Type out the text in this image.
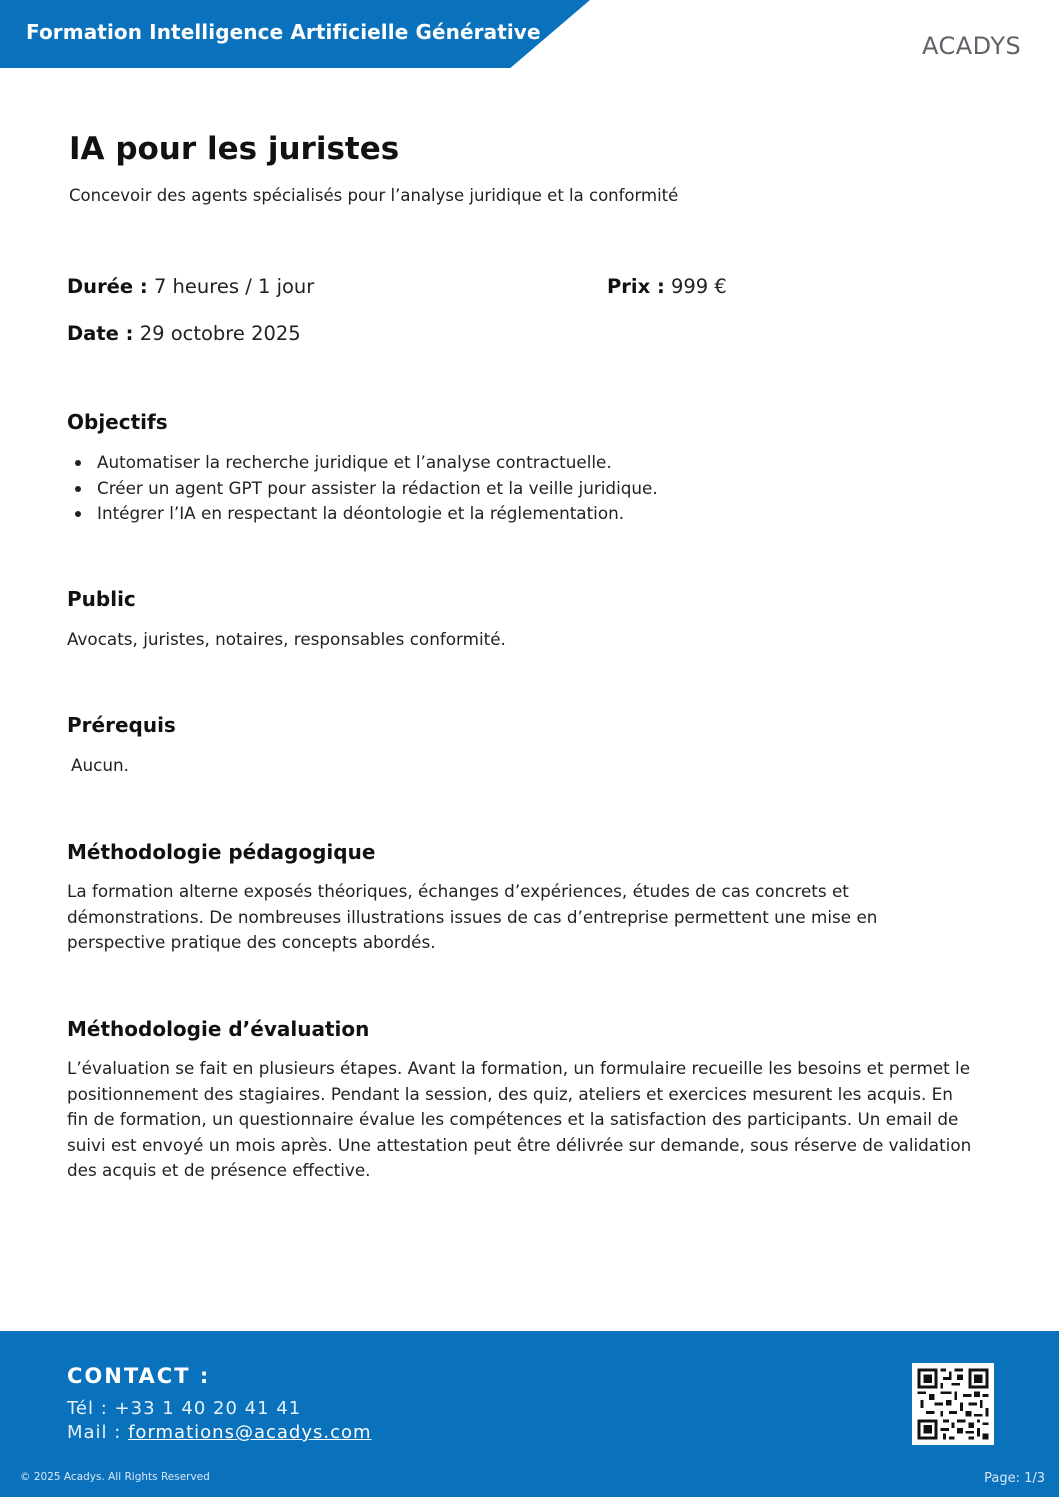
Formation Intelligence Artificielle Générative	ACADYS
IA pour les juristes
Concevoir des agents spécialisés pour l’analyse juridique et la conformité
Durée : 7 heures / 1 jour	Prix : 999 €
Date : 29 octobre 2025
Objectifs
Automatiser la recherche juridique et l’analyse contractuelle.
Créer un agent GPT pour assister la rédaction et la veille juridique.
Intégrer l’IA en respectant la déontologie et la réglementation.
Public
Avocats, juristes, notaires, responsables conformité.
Prérequis
Aucun.
Méthodologie pédagogique
La formation alterne exposés théoriques, échanges d’expériences, études de cas concrets et démonstrations. De nombreuses illustrations issues de cas d’entreprise permettent une mise en perspective pratique des concepts abordés.
Méthodologie d’évaluation
L’évaluation se fait en plusieurs étapes. Avant la formation, un formulaire recueille les besoins et permet le positionnement des stagiaires. Pendant la session, des quiz, ateliers et exercices mesurent les acquis. En fin de formation, un questionnaire évalue les compétences et la satisfaction des participants. Un email de suivi est envoyé un mois après. Une attestation peut être délivrée sur demande, sous réserve de validation des acquis et de présence effective.
CONTACT :
Tél : +33 1 40 20 41 41
Mail : formations@acadys.com
© 2025 Acadys. All Rights Reserved	Page: 1/3
